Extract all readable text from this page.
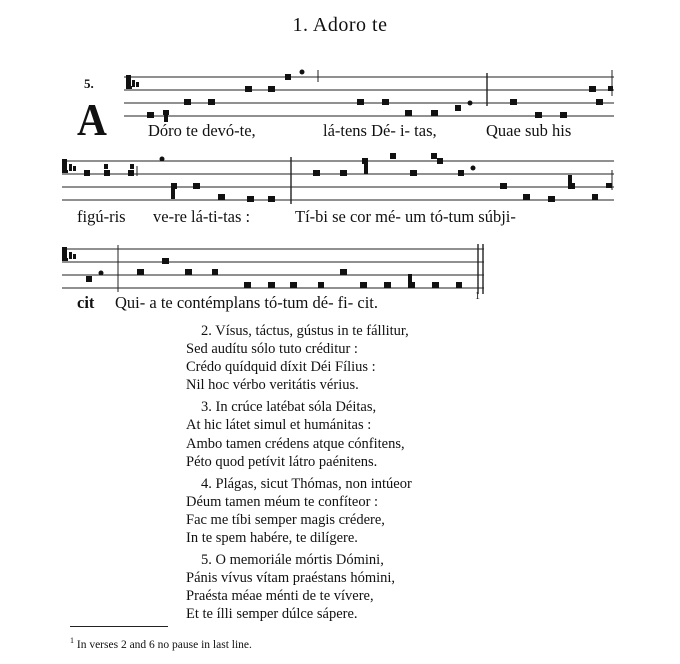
1. Adoro te
5.
A Dóro te devó-te,	lá-tens Dé- i- tas,	Quae sub his
figú-ris ve-re lá-ti-tas :	Tí-bi se cor mé- um tó-tum súbji-
cit Qui- a te contémplans tó-tum dé- fi- cit.	1
2. Vísus, táctus, gústus in te fállitur,
Sed audítu sólo tuto créditur :
Crédo quídquid díxit Déi Fílius :
Nil hoc vérbo veritátis vérius.
3. In crúce latébat sóla Déitas,
At hic látet simul et humánitas :
Ambo tamen crédens atque cónfitens,
Péto quod petívit látro paénitens.
4. Plágas, sicut Thómas, non intúeor
Déum tamen méum te confíteor :
Fac me tíbi semper magis crédere,
In te spem habére, te dilígere.
5. O memoriále mórtis Dómini,
Pánis vívus vítam praéstans hómini,
Praésta méae ménti de te vívere,
Et te ílli semper dúlce sápere.
$^1$ In verses 2 and 6 no pause in last line.
